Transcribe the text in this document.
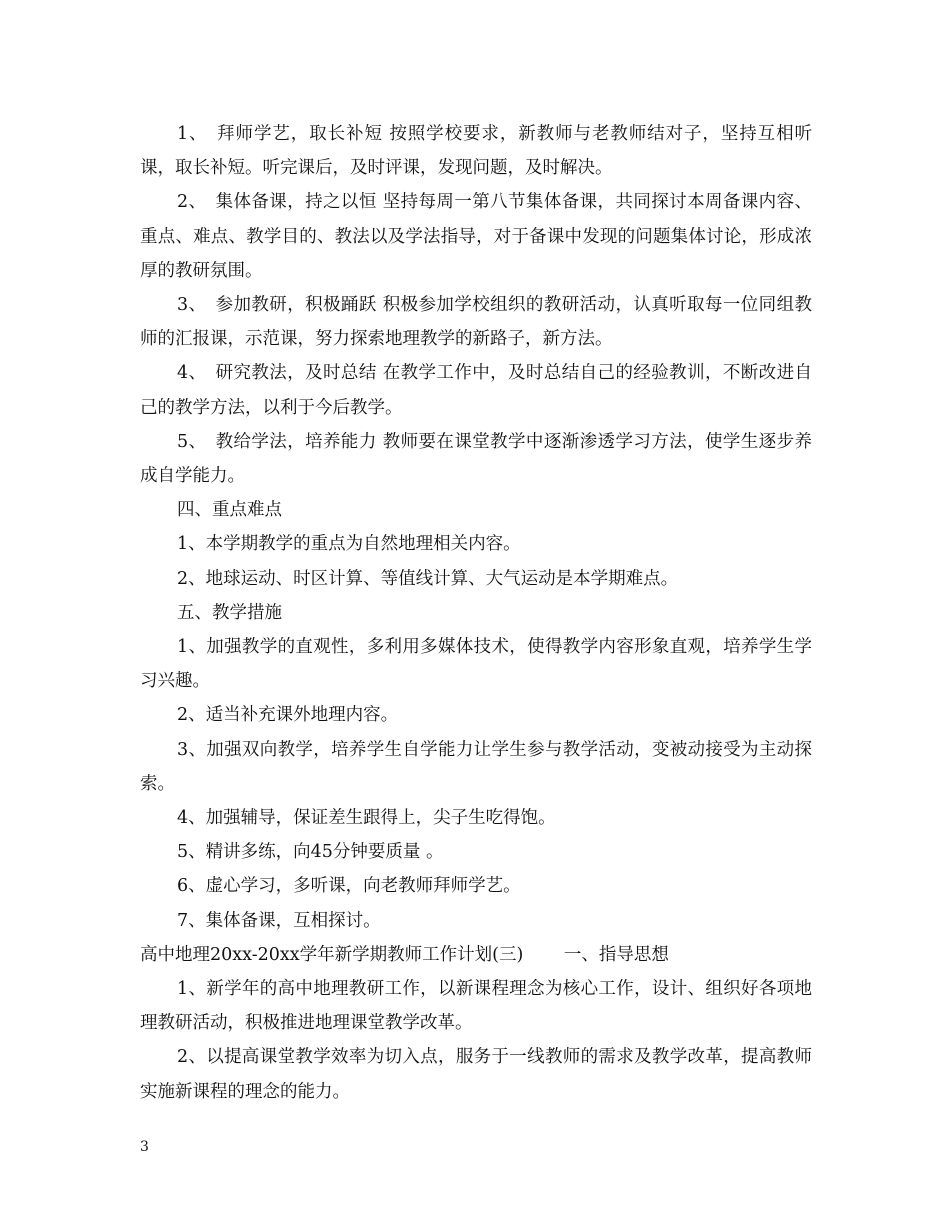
1、　拜师学艺，取长补短 按照学校要求，新教师与老教师结对子，坚持互相听课，取长补短。听完课后，及时评课，发现问题，及时解决。

2、　集体备课，持之以恒 坚持每周一第八节集体备课，共同探讨本周备课内容、重点、难点、教学目的、教法以及学法指导，对于备课中发现的问题集体讨论，形成浓厚的教研氛围。

3、　参加教研，积极踊跃 积极参加学校组织的教研活动，认真听取每一位同组教师的汇报课，示范课，努力探索地理教学的新路子，新方法。

4、　研究教法，及时总结 在教学工作中，及时总结自己的经验教训，不断改进自己的教学方法，以利于今后教学。

5、　教给学法，培养能力 教师要在课堂教学中逐渐渗透学习方法，使学生逐步养成自学能力。

四、重点难点

1、本学期教学的重点为自然地理相关内容。

2、地球运动、时区计算、等值线计算、大气运动是本学期难点。

五、教学措施

1、加强教学的直观性，多利用多媒体技术，使得教学内容形象直观，培养学生学习兴趣。

2、适当补充课外地理内容。

3、加强双向教学，培养学生自学能力让学生参与教学活动，变被动接受为主动探索。

4、加强辅导，保证差生跟得上，尖子生吃得饱。

5、精讲多练，向45分钟要质量 。

6、虚心学习，多听课，向老教师拜师学艺。

7、集体备课，互相探讨。

高中地理20xx-20xx学年新学期教师工作计划(三)　　 一、指导思想

1、新学年的高中地理教研工作，以新课程理念为核心工作，设计、组织好各项地理教研活动，积极推进地理课堂教学改革。

2、以提高课堂教学效率为切入点，服务于一线教师的需求及教学改革，提高教师实施新课程的理念的能力。

3
